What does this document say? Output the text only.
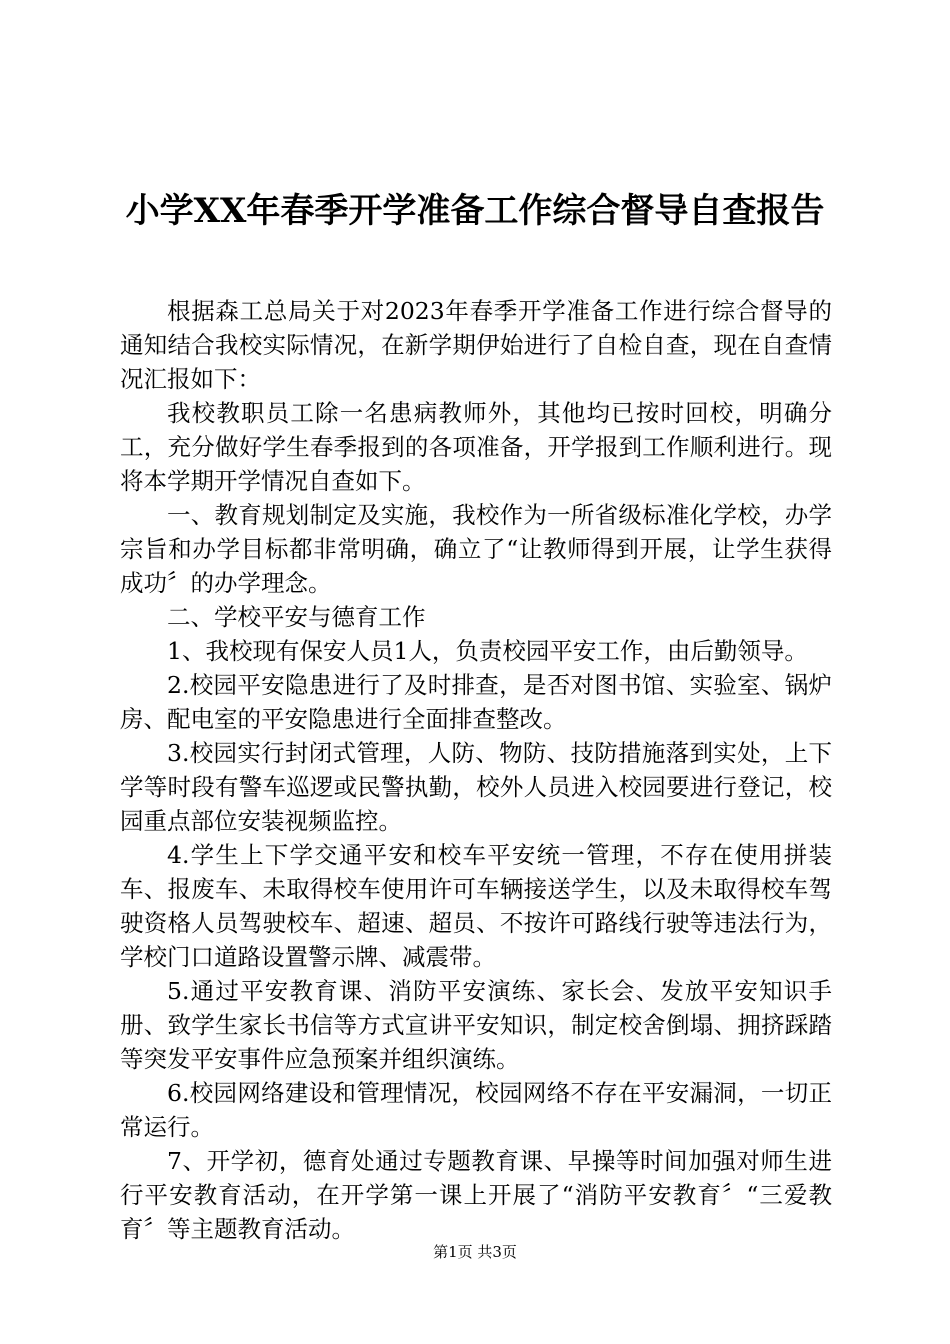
小学XX年春季开学准备工作综合督导自查报告

根据森工总局关于对2023年春季开学准备工作进行综合督导的通知结合我校实际情况，在新学期伊始进行了自检自查，现在自查情况汇报如下：

我校教职员工除一名患病教师外，其他均已按时回校，明确分工，充分做好学生春季报到的各项准备，开学报到工作顺利进行。现将本学期开学情况自查如下。

一、教育规划制定及实施，我校作为一所省级标准化学校，办学宗旨和办学目标都非常明确，确立了“让教师得到开展，让学生获得成功〞的办学理念。

二、学校平安与德育工作

1、我校现有保安人员1人，负责校园平安工作，由后勤领导。

2.校园平安隐患进行了及时排查，是否对图书馆、实验室、锅炉房、配电室的平安隐患进行全面排查整改。

3.校园实行封闭式管理，人防、物防、技防措施落到实处，上下学等时段有警车巡逻或民警执勤，校外人员进入校园要进行登记，校园重点部位安装视频监控。

4.学生上下学交通平安和校车平安统一管理，不存在使用拼装车、报废车、未取得校车使用许可车辆接送学生，以及未取得校车驾驶资格人员驾驶校车、超速、超员、不按许可路线行驶等违法行为，学校门口道路设置警示牌、减震带。

5.通过平安教育课、消防平安演练、家长会、发放平安知识手册、致学生家长书信等方式宣讲平安知识，制定校舍倒塌、拥挤踩踏等突发平安事件应急预案并组织演练。

6.校园网络建设和管理情况，校园网络不存在平安漏洞，一切正常运行。

7、开学初，德育处通过专题教育课、早操等时间加强对师生进行平安教育活动，在开学第一课上开展了“消防平安教育〞“三爱教育〞等主题教育活动。

第1页 共3页
